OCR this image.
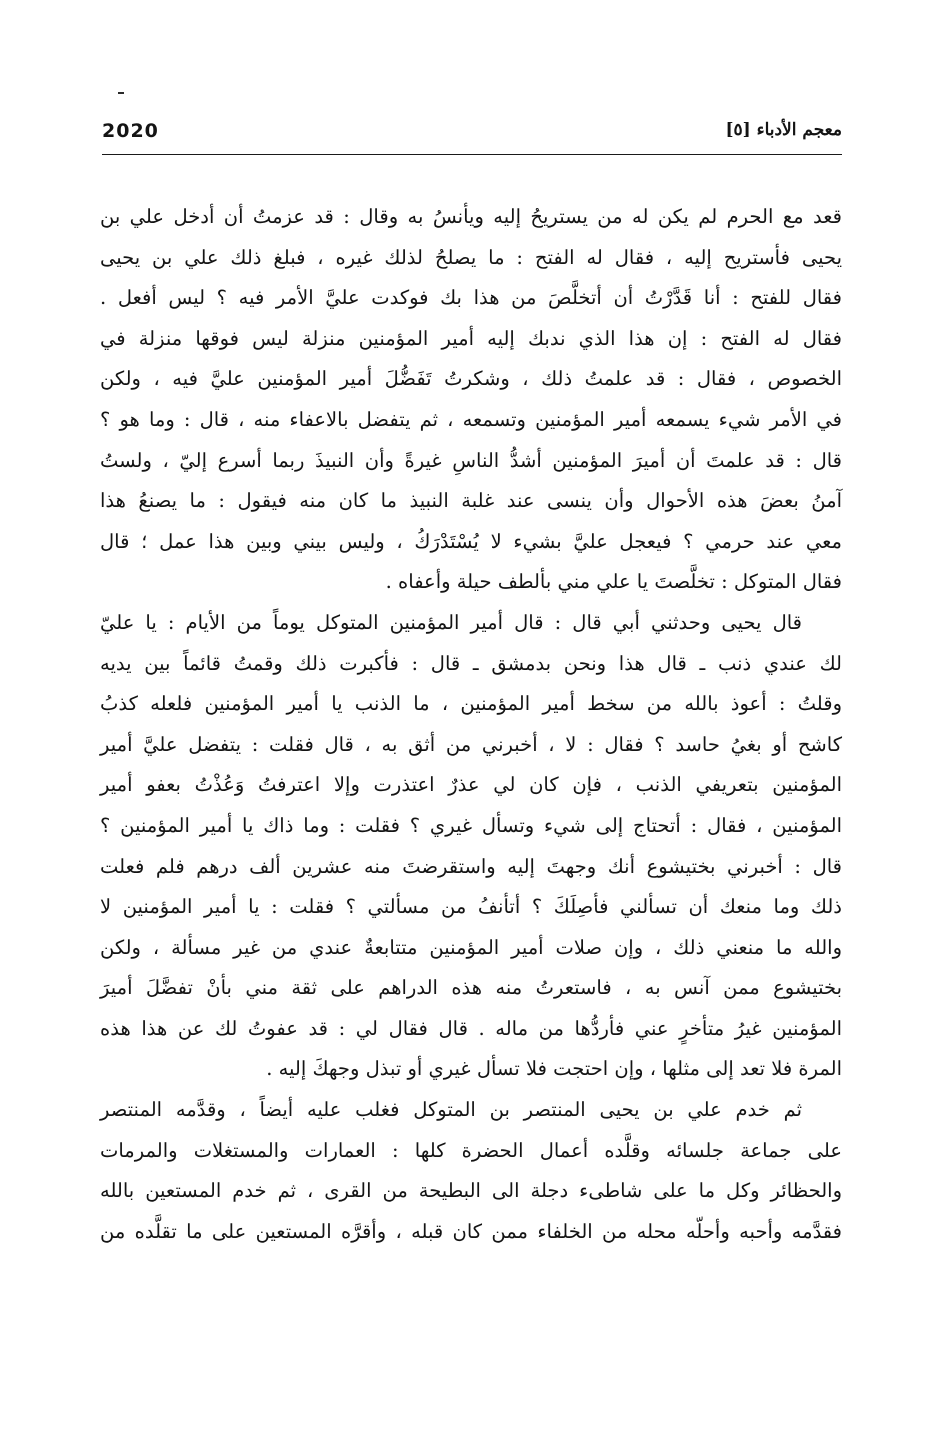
2020	معجم الأدباء [٥]
قعد مع الحرم لم يكن له من يستريحُ إليه ويأنسُ به وقال : قد عزمتُ أن أدخل علي بن
يحيى فأستريح إليه ، فقال له الفتح : ما يصلحُ لذلك غيره ، فبلغ ذلك علي بن يحيى
فقال للفتح : أنا قَدَّرْتُ أن أتخلَّصَ من هذا بك فوكدت عليَّ الأمر فيه ؟ ليس أفعل .
فقال له الفتح : إن هذا الذي ندبك إليه أمير المؤمنين منزلة ليس فوقها منزلة في
الخصوص ، فقال : قد علمتُ ذلك ، وشكرتُ تَفَضُّلَ أمير المؤمنين عليَّ فيه ، ولكن
في الأمر شيء يسمعه أمير المؤمنين وتسمعه ، ثم يتفضل بالاعفاء منه ، قال : وما هو ؟
قال : قد علمتَ أن أميرَ المؤمنين أشدُّ الناسِ غيرةً وأن النبيذَ ربما أسرع إليّ ، ولستُ
آمنُ بعضَ هذه الأحوال وأن ينسى عند غلبة النبيذ ما كان منه فيقول : ما يصنعُ هذا
معي عند حرمي ؟ فيعجل عليَّ بشيء لا يُسْتَدْرَكُ ، وليس بيني وبين هذا عمل ؛ قال
فقال المتوكل : تخلَّصتَ يا علي مني بألطف حيلة وأعفاه .
قال يحيى وحدثني أبي قال : قال أمير المؤمنين المتوكل يوماً من الأيام : يا عليّ
لك عندي ذنب ـ قال هذا ونحن بدمشق ـ قال : فأكبرت ذلك وقمتُ قائماً بين يديه
وقلتُ : أعوذ بالله من سخط أمير المؤمنين ، ما الذنب يا أمير المؤمنين فلعله كذبُ
كاشح أو بغيُ حاسد ؟ فقال : لا ، أخبرني من أثق به ، قال فقلت : يتفضل عليَّ أمير
المؤمنين بتعريفي الذنب ، فإن كان لي عذرٌ اعتذرت وإلا اعترفتُ وَعُذْتُ بعفو أمير
المؤمنين ، فقال : أتحتاج إلى شيء وتسأل غيري ؟ فقلت : وما ذاك يا أمير المؤمنين ؟
قال : أخبرني بختيشوع أنك وجهتَ إليه واستقرضتَ منه عشرين ألف درهم فلم فعلت
ذلك وما منعك أن تسألني فأصِلَكَ ؟ أتأنفُ من مسألتي ؟ فقلت : يا أمير المؤمنين لا
والله ما منعني ذلك ، وإن صلات أمير المؤمنين متتابعةٌ عندي من غير مسألة ، ولكن
بختيشوع ممن آنس به ، فاستعرتُ منه هذه الدراهم على ثقة مني بأنْ تفضَّلَ أميرَ
المؤمنين غيرُ متأخرٍ عني فأردُّها من ماله . قال فقال لي : قد عفوتُ لك عن هذا هذه
المرة فلا تعد إلى مثلها ، وإن احتجت فلا تسأل غيري أو تبذل وجهكَ إليه .
ثم خدم علي بن يحيى المنتصر بن المتوكل فغلب عليه أيضاً ، وقدَّمه المنتصر
على جماعة جلسائه وقلَّده أعمال الحضرة كلها : العمارات والمستغلات والمرمات
والحظائر وكل ما على شاطىء دجلة الى البطيحة من القرى ، ثم خدم المستعين بالله
فقدَّمه وأحبه وأحلّه محله من الخلفاء ممن كان قبله ، وأقرَّه المستعين على ما تقلَّده من
